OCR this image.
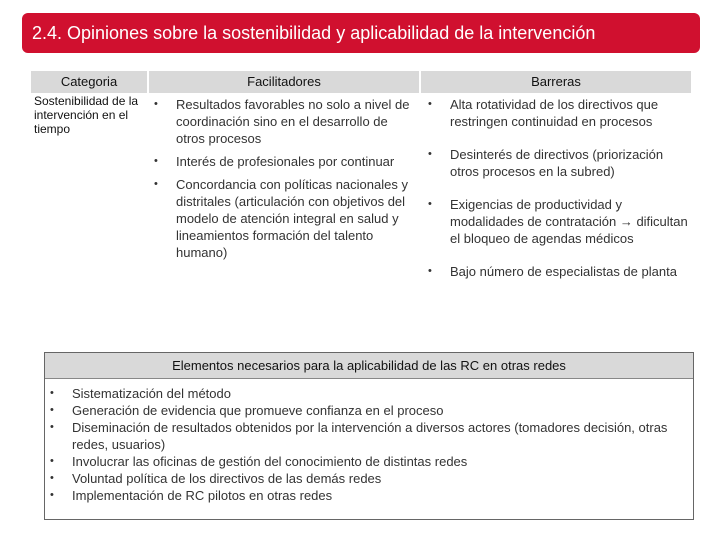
2.4. Opiniones sobre la sostenibilidad y aplicabilidad de la intervención
Categoria	Facilitadores	Barreras
Sostenibilidad de la intervención en el tiempo
• Resultados favorables no solo a nivel de coordinación sino en el desarrollo de otros procesos
• Interés de profesionales por continuar
• Concordancia con políticas nacionales y distritales (articulación con objetivos del modelo de atención integral en salud y lineamientos formación del talento humano)
• Alta rotatividad de los directivos que restringen continuidad en procesos
• Desinterés de directivos (priorización otros procesos en la subred)
• Exigencias de productividad y modalidades de contratación → dificultan el bloqueo de agendas médicos
• Bajo número de especialistas de planta
Elementos necesarios para la aplicabilidad de las RC en otras redes
• Sistematización del método
• Generación de evidencia que promueve confianza en el proceso
• Diseminación de resultados obtenidos por la intervención a diversos actores (tomadores decisión, otras redes, usuarios)
• Involucrar las oficinas de gestión del conocimiento de distintas redes
• Voluntad política de los directivos de las demás redes
• Implementación de RC pilotos en otras redes
